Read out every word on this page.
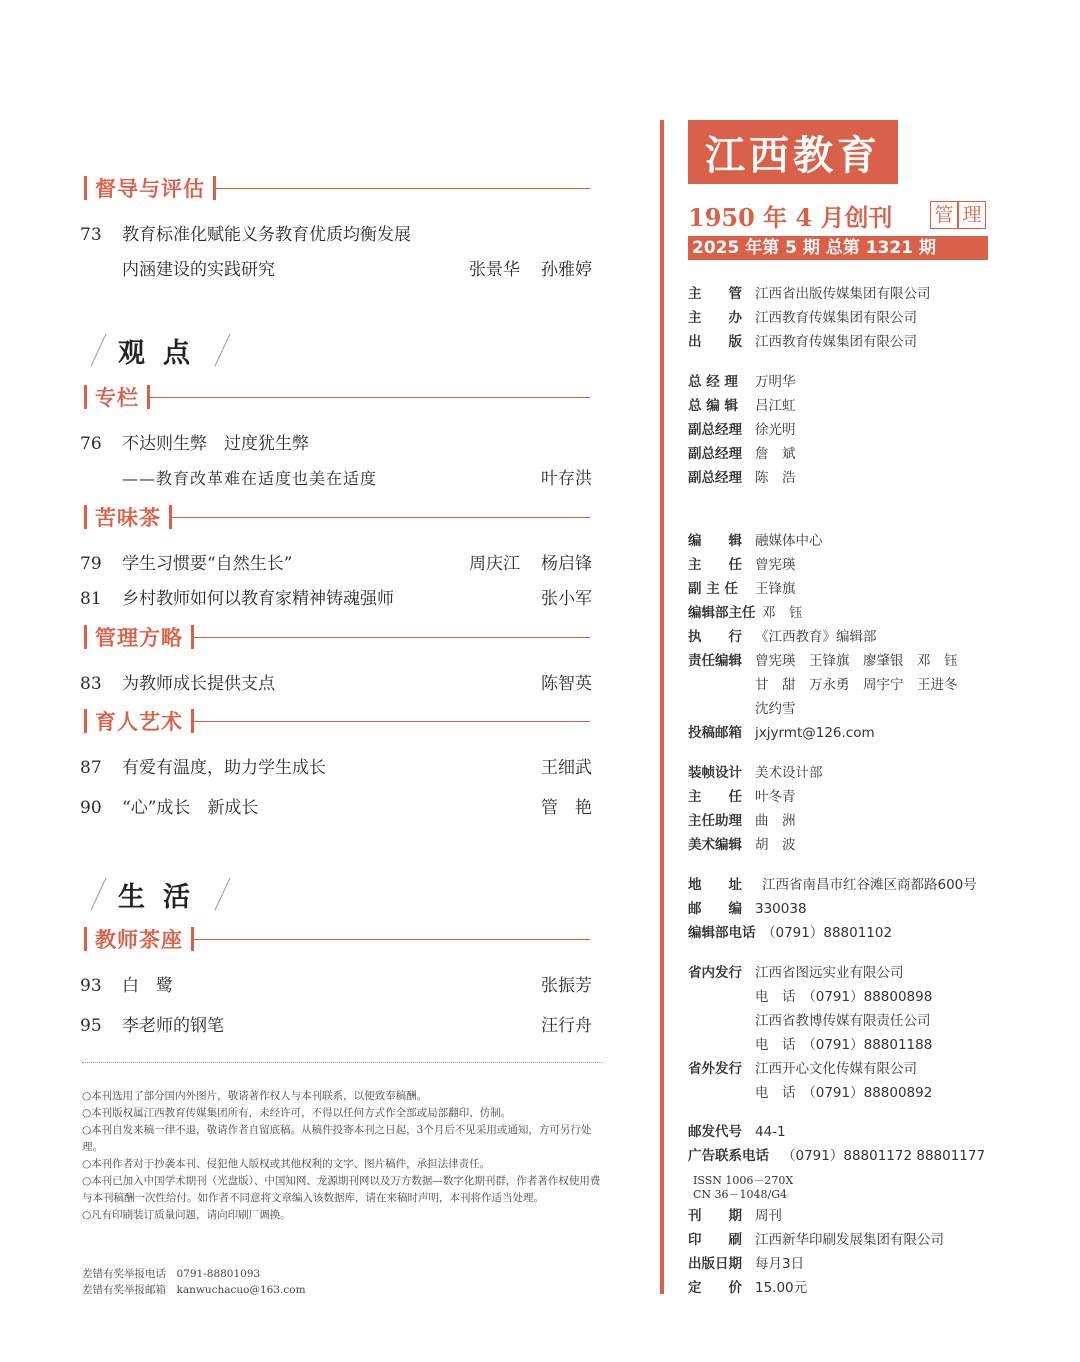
督导与评估
73	教育标准化赋能义务教育优质均衡发展
内涵建设的实践研究	张景华 孙雅婷
观点
专栏
76	不达则生弊　过度犹生弊
——教育改革难在适度也美在适度	叶存洪
苦味茶
79	学生习惯要“自然生长”	周庆江 杨启锋
81	乡村教师如何以教育家精神铸魂强师	张小军
管理方略
83	为教师成长提供支点	陈智英
育人艺术
87	有爱有温度，助力学生成长	王细武
90	“心”成长　新成长	管　艳
生活
教师茶座
93	白　鹭	张振芳
95	李老师的钢笔	汪行舟

○本刊选用了部分国内外图片，敬请著作权人与本刊联系，以便致奉稿酬。

○本刊版权属江西教育传媒集团所有，未经许可，不得以任何方式作全部或局部翻印、仿制。

○本刊自发来稿一律不退，敬请作者自留底稿。从稿件投寄本刊之日起，3个月后不见采用或通知，方可另行处理。

○本刊作者对于抄袭本刊、侵犯他人版权或其他权利的文字、图片稿件，承担法律责任。

○本刊已加入中国学术期刊（光盘版）、中国知网、龙源期刊网以及万方数据—数字化期刊群，作者著作权使用费与本刊稿酬一次性给付。如作者不同意将文章编入该数据库，请在来稿时声明，本刊将作适当处理。

○凡有印刷装订质量问题，请向印刷厂调换。

差错有奖举报电话　 0791-88801093
差错有奖举报邮箱　 kanwuchacuo@163.com
江西教育
1950 年 4 月创刊 管 理
2025 年第 5 期 总第 1321 期
主　　管 江西省出版传媒集团有限公司
主　　办 江西教育传媒集团有限公司
出　　版 江西教育传媒集团有限公司
总 经 理 万明华
总 编 辑 吕江虹
副总经理 徐光明
副总经理 詹　斌
副总经理 陈　浩
编　　辑 融媒体中心
主　　任 曾宪瑛
副 主 任 王锋旗
编辑部主任 邓　钰
执　　行 《江西教育》编辑部
责任编辑 曾宪瑛　王锋旗　廖肇银　邓　钰
甘　甜　万永勇　周宇宁　王进冬
沈约雪
投稿邮箱 jxjyrmt@126.com
装帧设计 美术设计部
主　　任 叶冬青
主任助理 曲　洲
美术编辑 胡　波
地　　址 江西省南昌市红谷滩区商都路600号
邮　　编 330038
编辑部电话 （0791）88801102
省内发行 江西省图远实业有限公司
电　话　（0791）88800898
江西省教博传媒有限责任公司
电　话　（0791）88801188
省外发行 江西开心文化传媒有限公司
电　话　（0791）88800892
邮发代号 44-1
广告联系电话 （0791）88801172 88801177
刊　　期 周刊
印　　刷 江西新华印刷发展集团有限公司
出版日期 每月3日
定　　价 15.00元
ISSN 1006－270X
CN 36－1048/G4
